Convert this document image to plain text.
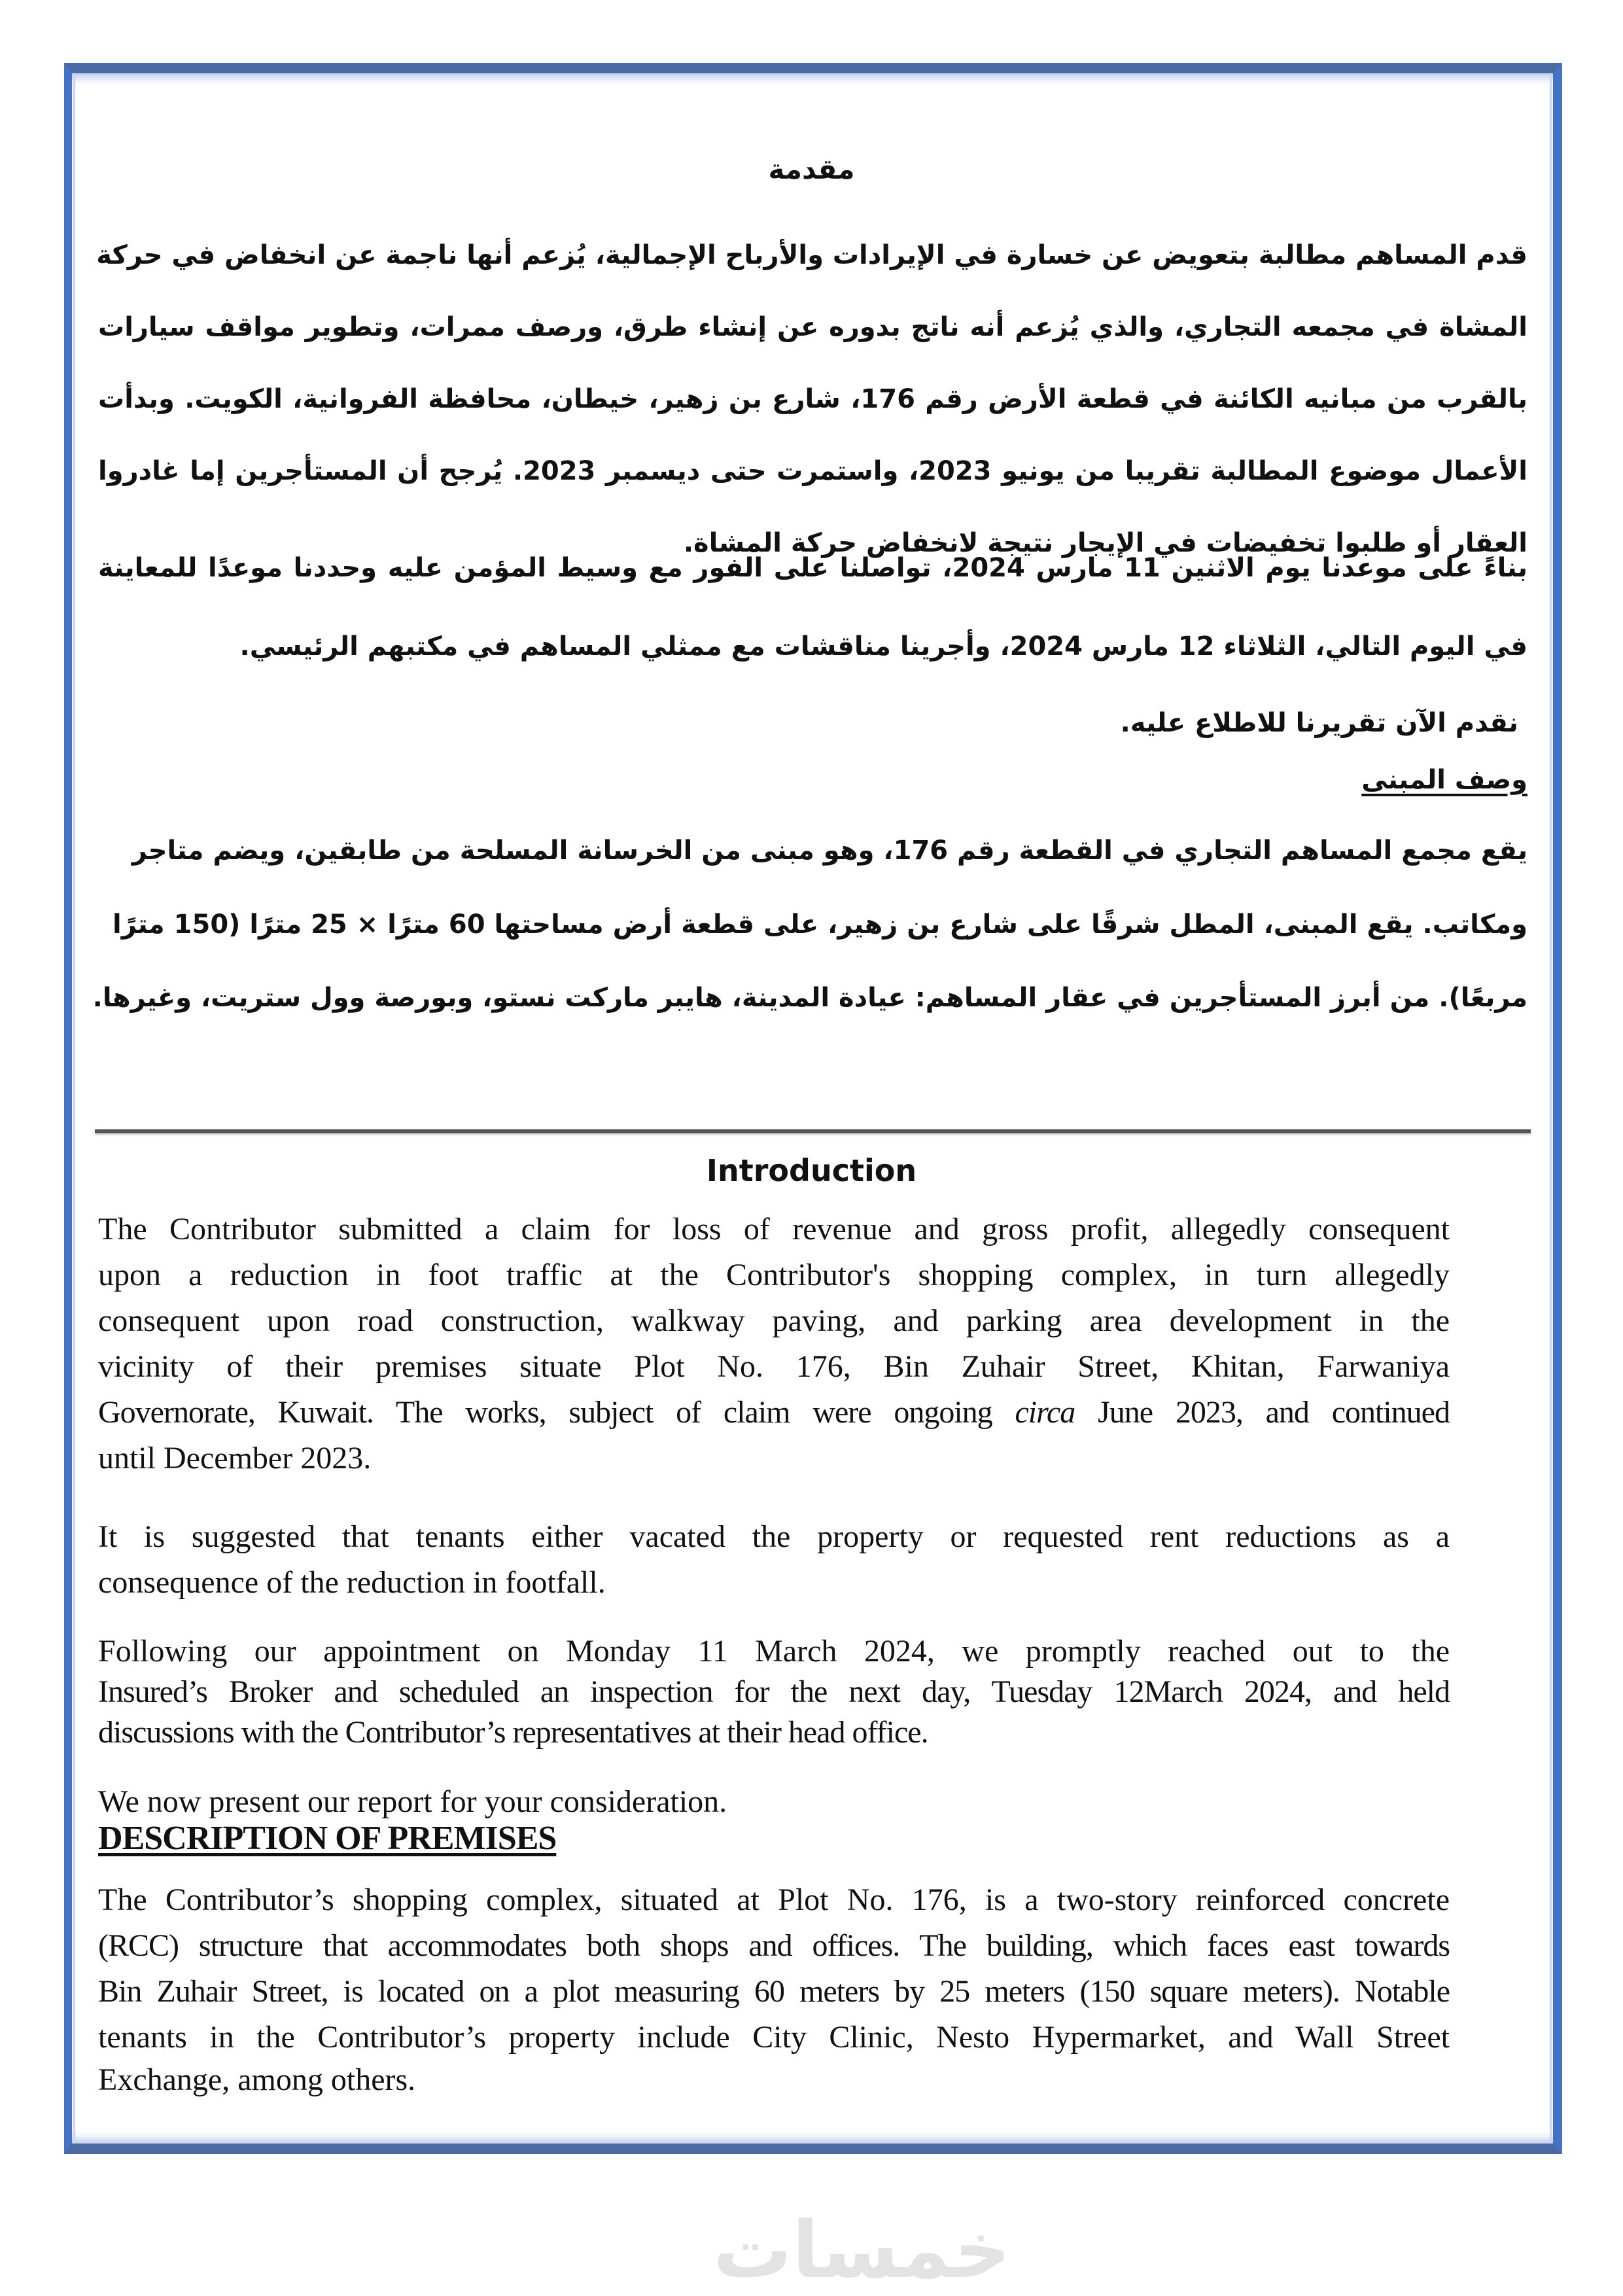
مقدمة
قدم المساهم مطالبة بتعويض عن خسارة في الإيرادات والأرباح الإجمالية، يُزعم أنها ناجمة عن انخفاض في حركة
المشاة في مجمعه التجاري، والذي يُزعم أنه ناتج بدوره عن إنشاء طرق، ورصف ممرات، وتطوير مواقف سيارات
بالقرب من مبانيه الكائنة في قطعة الأرض رقم 176، شارع بن زهير، خيطان، محافظة الفروانية، الكويت. وبدأت
الأعمال موضوع المطالبة تقريبا من يونيو 2023، واستمرت حتى ديسمبر 2023. يُرجح أن المستأجرين إما غادروا
العقار أو طلبوا تخفيضات في الإيجار نتيجة لانخفاض حركة المشاة.
بناءً على موعدنا يوم الاثنين 11 مارس 2024، تواصلنا على الفور مع وسيط المؤمن عليه وحددنا موعدًا للمعاينة
في اليوم التالي، الثلاثاء 12 مارس 2024، وأجرينا مناقشات مع ممثلي المساهم في مكتبهم الرئيسي.
نقدم الآن تقريرنا للاطلاع عليه.
وصف المبنى
يقع مجمع المساهم التجاري في القطعة رقم 176، وهو مبنى من الخرسانة المسلحة من طابقين، ويضم متاجر
ومكاتب. يقع المبنى، المطل شرقًا على شارع بن زهير، على قطعة أرض مساحتها 60 مترًا × 25 مترًا (150 مترًا
مربعًا). من أبرز المستأجرين في عقار المساهم: عيادة المدينة، هايبر ماركت نستو، وبورصة وول ستريت، وغيرها.
Introduction
The Contributor submitted a claim for loss of revenue and gross profit, allegedly consequent
upon a reduction in foot traffic at the Contributor's shopping complex, in turn allegedly
consequent upon road construction, walkway paving, and parking area development in the
vicinity of their premises situate Plot No. 176, Bin Zuhair Street, Khitan, Farwaniya
Governorate, Kuwait. The works, subject of claim were ongoing circa June 2023, and continued
until December 2023.
It is suggested that tenants either vacated the property or requested rent reductions as a
consequence of the reduction in footfall.
Following our appointment on Monday 11 March 2024, we promptly reached out to the
Insured’s Broker and scheduled an inspection for the next day, Tuesday 12March 2024, and held
discussions with the Contributor’s representatives at their head office.
We now present our report for your consideration.
DESCRIPTION OF PREMISES
The Contributor’s shopping complex, situated at Plot No. 176, is a two-story reinforced concrete
(RCC) structure that accommodates both shops and offices. The building, which faces east towards
Bin Zuhair Street, is located on a plot measuring 60 meters by 25 meters (150 square meters). Notable
tenants in the Contributor’s property include City Clinic, Nesto Hypermarket, and Wall Street
Exchange, among others.
خمسات
